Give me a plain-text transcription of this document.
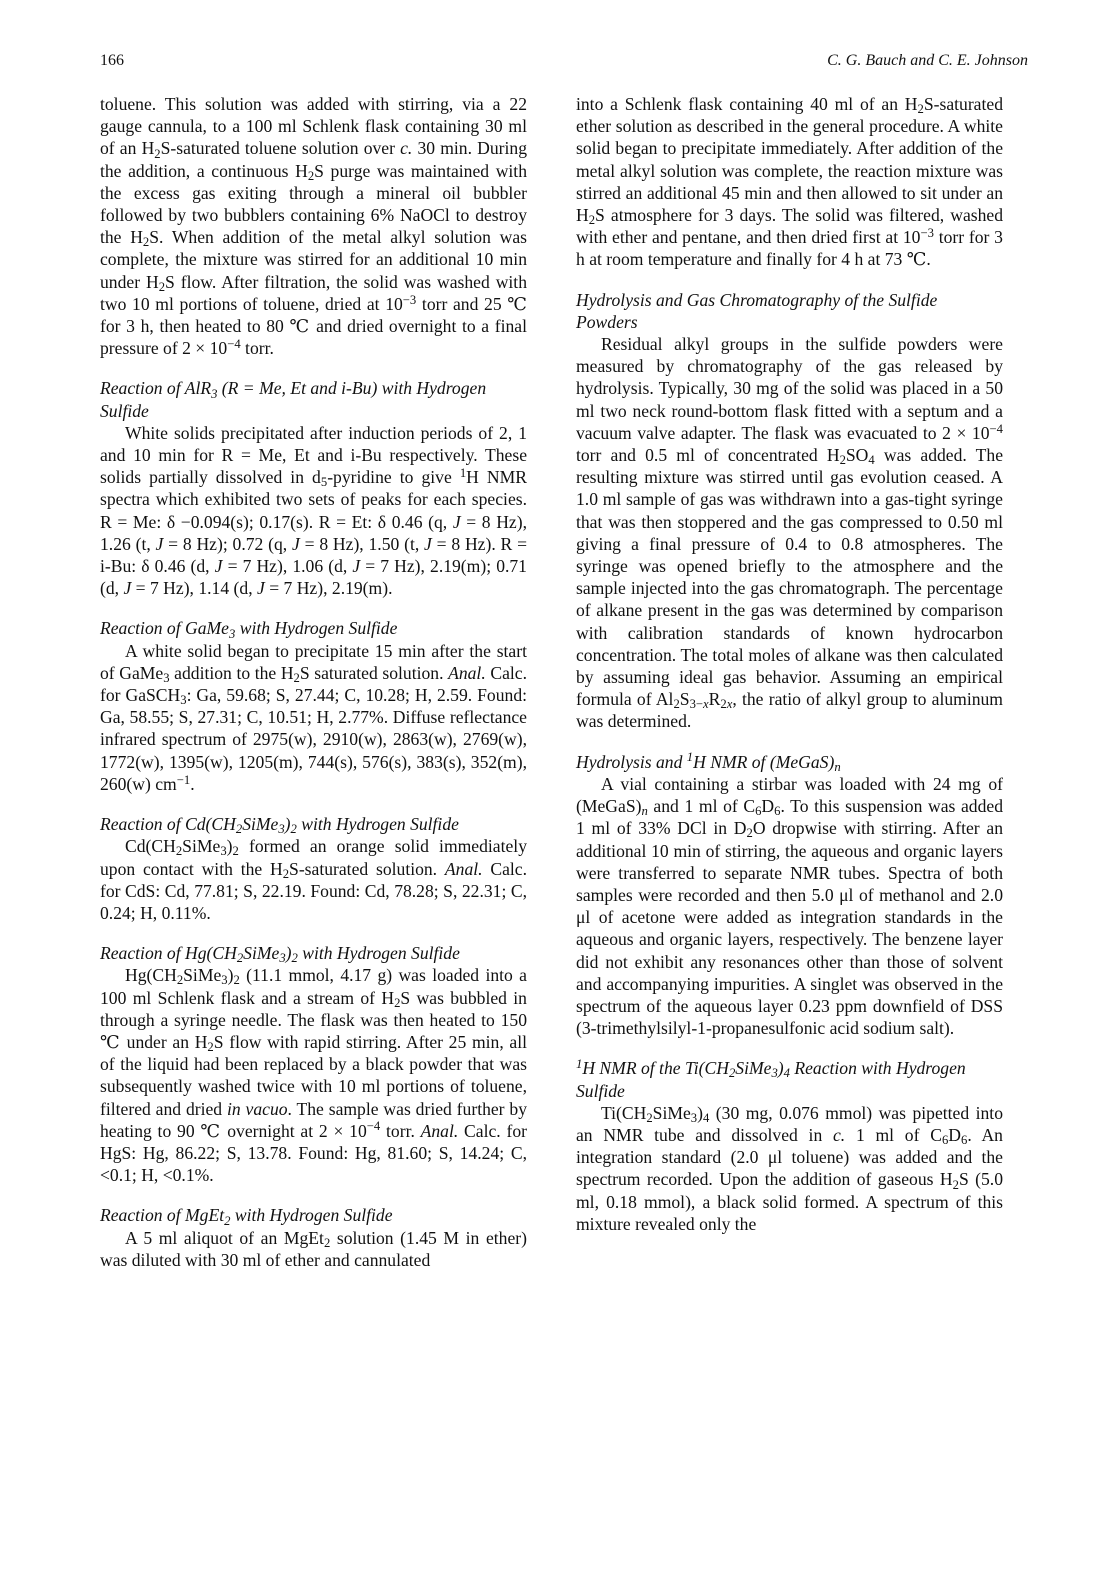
166	C. G. Bauch and C. E. Johnson

toluene. This solution was added with stirring, via a 22 gauge cannula, to a 100 ml Schlenk flask containing 30 ml of an $H_2S$-saturated toluene solution over c. 30 min. During the addition, a continuous $H_2S$ purge was maintained with the excess gas exiting through a mineral oil bubbler followed by two bubblers containing 6% NaOCl to destroy the $H_2S$. When addition of the metal alkyl solution was complete, the mixture was stirred for an additional 10 min under $H_2S$ flow. After filtration, the solid was washed with two 10 ml portions of toluene, dried at $10^{-3}$ torr and 25 ℃ for 3 h, then heated to 80 ℃ and dried overnight to a final pressure of $2 \times 10^{-4}$ torr.

Reaction of AlR$_3$ (R = Me, Et and i-Bu) with Hydrogen Sulfide

White solids precipitated after induction periods of 2, 1 and 10 min for R = Me, Et and i-Bu respectively. These solids partially dissolved in $d_5$-pyridine to give $^1$H NMR spectra which exhibited two sets of peaks for each species. R = Me: δ −0.094(s); 0.17(s). R = Et: δ 0.46 (q, J = 8 Hz), 1.26 (t, J = 8 Hz); 0.72 (q, J = 8 Hz), 1.50 (t, J = 8 Hz). R = i-Bu: δ 0.46 (d, J = 7 Hz), 1.06 (d, J = 7 Hz), 2.19(m); 0.71 (d, J = 7 Hz), 1.14 (d, J = 7 Hz), 2.19(m).

Reaction of GaMe$_3$ with Hydrogen Sulfide

A white solid began to precipitate 15 min after the start of GaMe$_3$ addition to the $H_2S$ saturated solution. Anal. Calc. for GaSCH$_3$: Ga, 59.68; S, 27.44; C, 10.28; H, 2.59. Found: Ga, 58.55; S, 27.31; C, 10.51; H, 2.77%. Diffuse reflectance infrared spectrum of 2975(w), 2910(w), 2863(w), 2769(w), 1772(w), 1395(w), 1205(m), 744(s), 576(s), 383(s), 352(m), 260(w) $cm^{-1}$.

Reaction of $Cd(CH_2SiMe_3)_2$ with Hydrogen Sulfide

$Cd(CH_2SiMe_3)_2$ formed an orange solid immediately upon contact with the $H_2S$-saturated solution. Anal. Calc. for CdS: Cd, 77.81; S, 22.19. Found: Cd, 78.28; S, 22.31; C, 0.24; H, 0.11%.

Reaction of $Hg(CH_2SiMe_3)_2$ with Hydrogen Sulfide

$Hg(CH_2SiMe_3)_2$ (11.1 mmol, 4.17 g) was loaded into a 100 ml Schlenk flask and a stream of $H_2S$ was bubbled in through a syringe needle. The flask was then heated to 150 ℃ under an $H_2S$ flow with rapid stirring. After 25 min, all of the liquid had been replaced by a black powder that was subsequently washed twice with 10 ml portions of toluene, filtered and dried in vacuo. The sample was dried further by heating to 90 ℃ overnight at $2 \times 10^{-4}$ torr. Anal. Calc. for HgS: Hg, 86.22; S, 13.78. Found: Hg, 81.60; S, 14.24; C, <0.1; H, <0.1%.

Reaction of MgEt$_2$ with Hydrogen Sulfide

A 5 ml aliquot of an MgEt$_2$ solution (1.45 M in ether) was diluted with 30 ml of ether and cannulated

into a Schlenk flask containing 40 ml of an $H_2S$-saturated ether solution as described in the general procedure. A white solid began to precipitate immediately. After addition of the metal alkyl solution was complete, the reaction mixture was stirred an additional 45 min and then allowed to sit under an $H_2S$ atmosphere for 3 days. The solid was filtered, washed with ether and pentane, and then dried first at $10^{-3}$ torr for 3 h at room temperature and finally for 4 h at 73 ℃.

Hydrolysis and Gas Chromatography of the Sulfide Powders

Residual alkyl groups in the sulfide powders were measured by chromatography of the gas released by hydrolysis. Typically, 30 mg of the solid was placed in a 50 ml two neck round-bottom flask fitted with a septum and a vacuum valve adapter. The flask was evacuated to $2 \times 10^{-4}$ torr and 0.5 ml of concentrated $H_2SO_4$ was added. The resulting mixture was stirred until gas evolution ceased. A 1.0 ml sample of gas was withdrawn into a gas-tight syringe that was then stoppered and the gas compressed to 0.50 ml giving a final pressure of 0.4 to 0.8 atmospheres. The syringe was opened briefly to the atmosphere and the sample injected into the gas chromatograph. The percentage of alkane present in the gas was determined by comparison with calibration standards of known hydrocarbon concentration. The total moles of alkane was then calculated by assuming ideal gas behavior. Assuming an empirical formula of $Al_2S_{3-x}R_{2x}$, the ratio of alkyl group to aluminum was determined.

Hydrolysis and $^1$H NMR of $(MeGaS)_n$

A vial containing a stirbar was loaded with 24 mg of $(MeGaS)_n$ and 1 ml of $C_6D_6$. To this suspension was added 1 ml of 33% DCl in $D_2O$ dropwise with stirring. After an additional 10 min of stirring, the aqueous and organic layers were transferred to separate NMR tubes. Spectra of both samples were recorded and then 5.0 μl of methanol and 2.0 μl of acetone were added as integration standards in the aqueous and organic layers, respectively. The benzene layer did not exhibit any resonances other than those of solvent and accompanying impurities. A singlet was observed in the spectrum of the aqueous layer 0.23 ppm downfield of DSS (3-trimethylsilyl-1-propanesulfonic acid sodium salt).

$^1$H NMR of the $Ti(CH_2SiMe_3)_4$ Reaction with Hydrogen Sulfide

$Ti(CH_2SiMe_3)_4$ (30 mg, 0.076 mmol) was pipetted into an NMR tube and dissolved in c. 1 ml of $C_6D_6$. An integration standard (2.0 μl toluene) was added and the spectrum recorded. Upon the addition of gaseous $H_2S$ (5.0 ml, 0.18 mmol), a black solid formed. A spectrum of this mixture revealed only the
